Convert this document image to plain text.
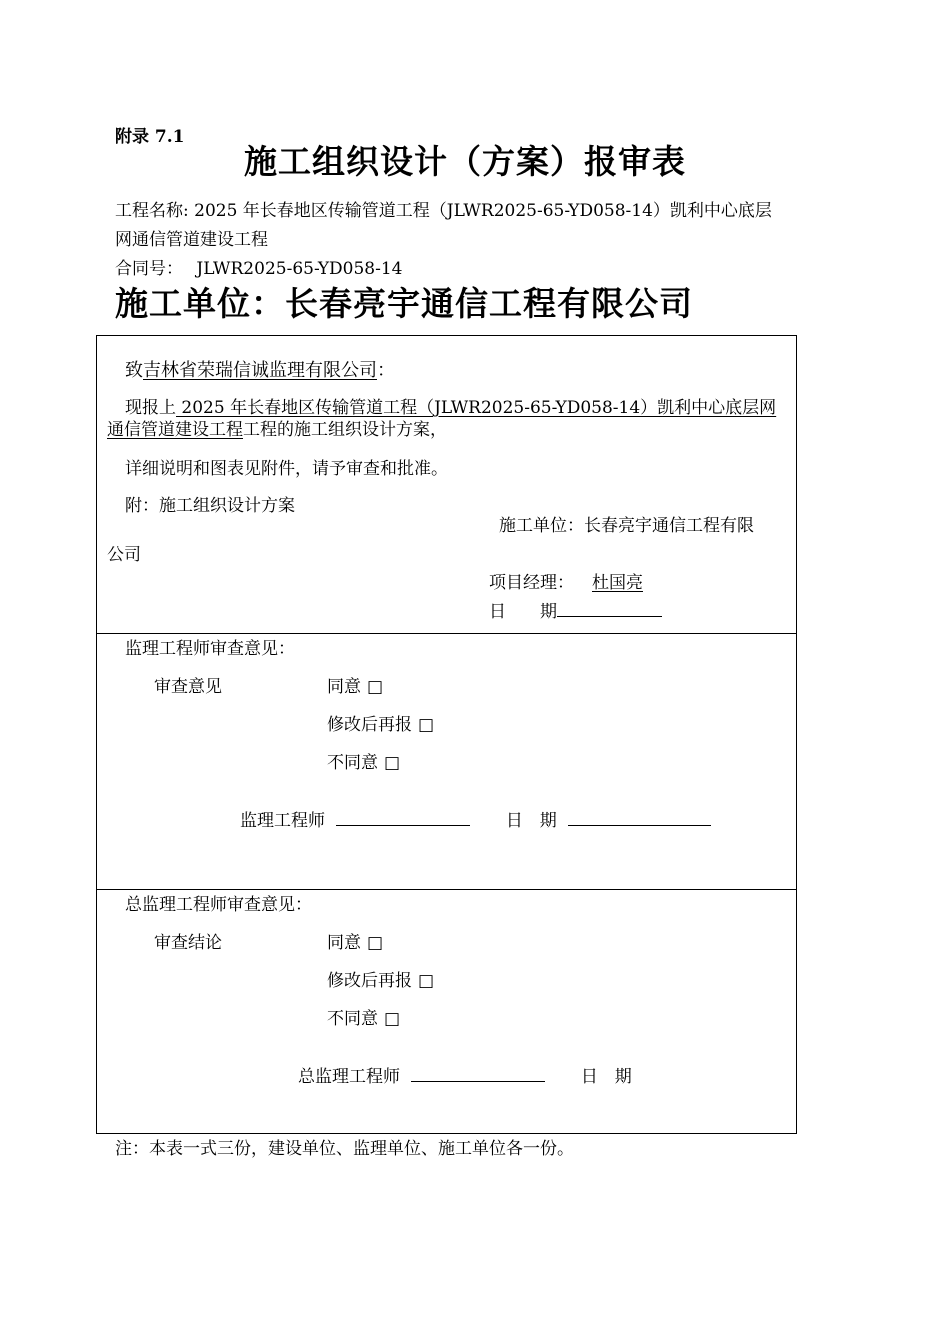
附录 7.1
施工组织设计（方案）报审表
工程名称: 2025 年长春地区传输管道工程（JLWR2025-65-YD058-14）凯利中心底层
网通信管道建设工程
合同号： JLWR2025-65-YD058-14
施工单位：长春亮宇通信工程有限公司
致吉林省荣瑞信诚监理有限公司：
现报上 2025 年长春地区传输管道工程（JLWR2025-65-YD058-14）凯利中心底层网通信管道建设工程工程的施工组织设计方案，
详细说明和图表见附件，请予审查和批准。
附：施工组织设计方案
施工单位：长春亮宇通信工程有限
公司
项目经理： 杜国亮
日　　期
监理工程师审查意见：
审查意见	同意 □
修改后再报 □
不同意 □
监理工程师	日　期
总监理工程师审查意见：
审查结论	同意 □
修改后再报 □
不同意 □
总监理工程师	日　期
注：本表一式三份，建设单位、监理单位、施工单位各一份。
